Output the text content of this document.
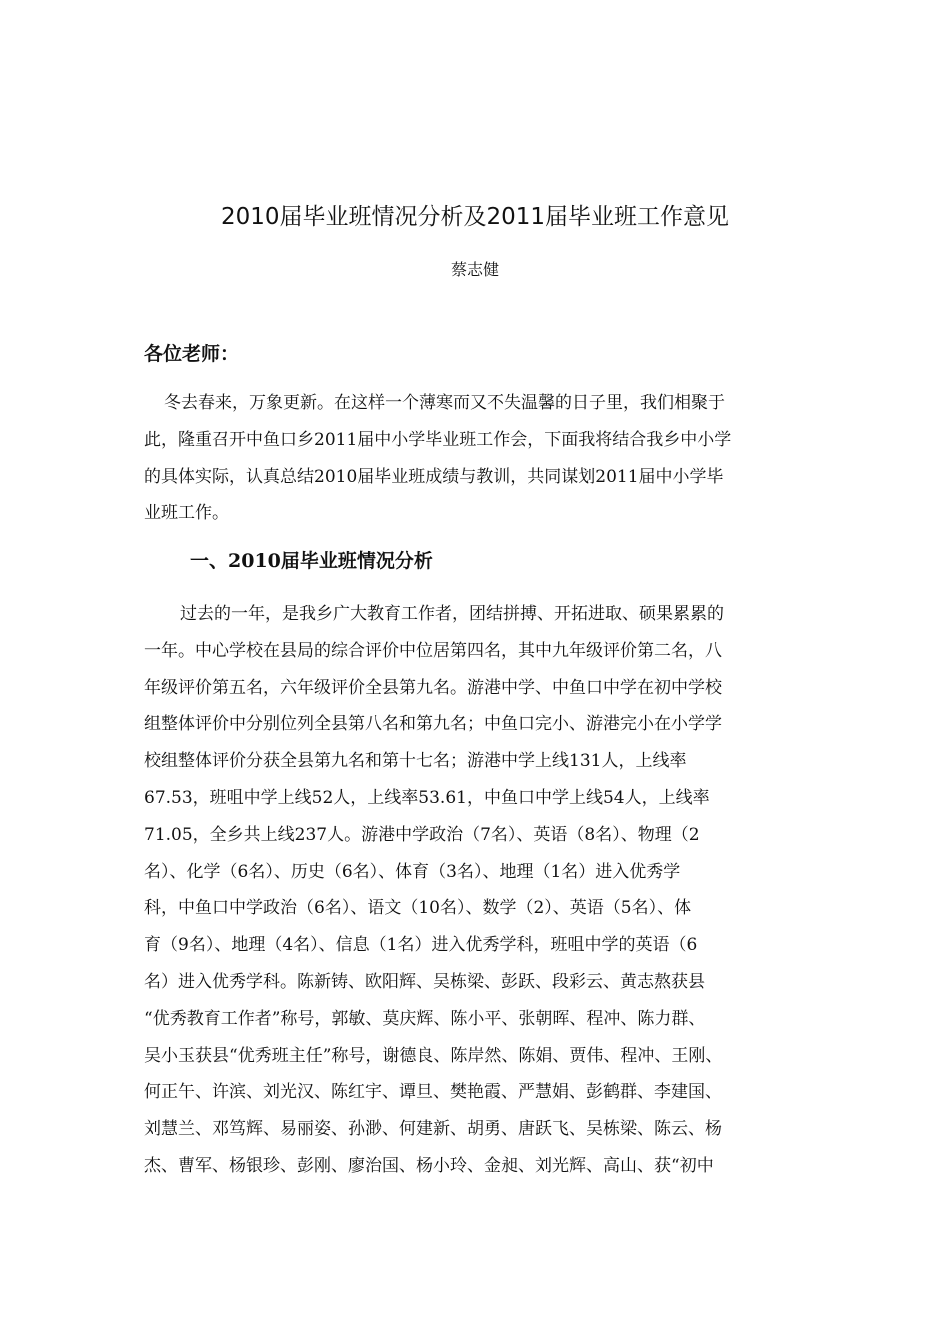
2010届毕业班情况分析及2011届毕业班工作意见
蔡志健
各位老师：
冬去春来，万象更新。在这样一个薄寒而又不失温馨的日子里，我们相聚于
此，隆重召开中鱼口乡2011届中小学毕业班工作会，下面我将结合我乡中小学
的具体实际，认真总结2010届毕业班成绩与教训，共同谋划2011届中小学毕
业班工作。
一、2010届毕业班情况分析
过去的一年，是我乡广大教育工作者，团结拼搏、开拓进取、硕果累累的
一年。中心学校在县局的综合评价中位居第四名，其中九年级评价第二名，八
年级评价第五名，六年级评价全县第九名。游港中学、中鱼口中学在初中学校
组整体评价中分别位列全县第八名和第九名；中鱼口完小、游港完小在小学学
校组整体评价分获全县第九名和第十七名；游港中学上线131人，上线率
67.53，班咀中学上线52人，上线率53.61，中鱼口中学上线54人，上线率
71.05，全乡共上线237人。游港中学政治（7名）、英语（8名）、物理（2
名）、化学（6名）、历史（6名）、体育（3名）、地理（1名）进入优秀学
科，中鱼口中学政治（6名）、语文（10名）、数学（2）、英语（5名）、体
育（9名）、地理（4名）、信息（1名）进入优秀学科，班咀中学的英语（6
名）进入优秀学科。陈新铸、欧阳辉、吴栋梁、彭跃、段彩云、黄志熬获县
“优秀教育工作者”称号，郭敏、莫庆辉、陈小平、张朝晖、程冲、陈力群、
吴小玉获县“优秀班主任”称号，谢德良、陈岸然、陈娟、贾伟、程冲、王刚、
何正午、许滨、刘光汉、陈红宇、谭旦、樊艳霞、严慧娟、彭鹤群、李建国、
刘慧兰、邓笃辉、易丽姿、孙渺、何建新、胡勇、唐跃飞、吴栋梁、陈云、杨
杰、曹军、杨银珍、彭刚、廖治国、杨小玲、金昶、刘光辉、高山、获“初中
